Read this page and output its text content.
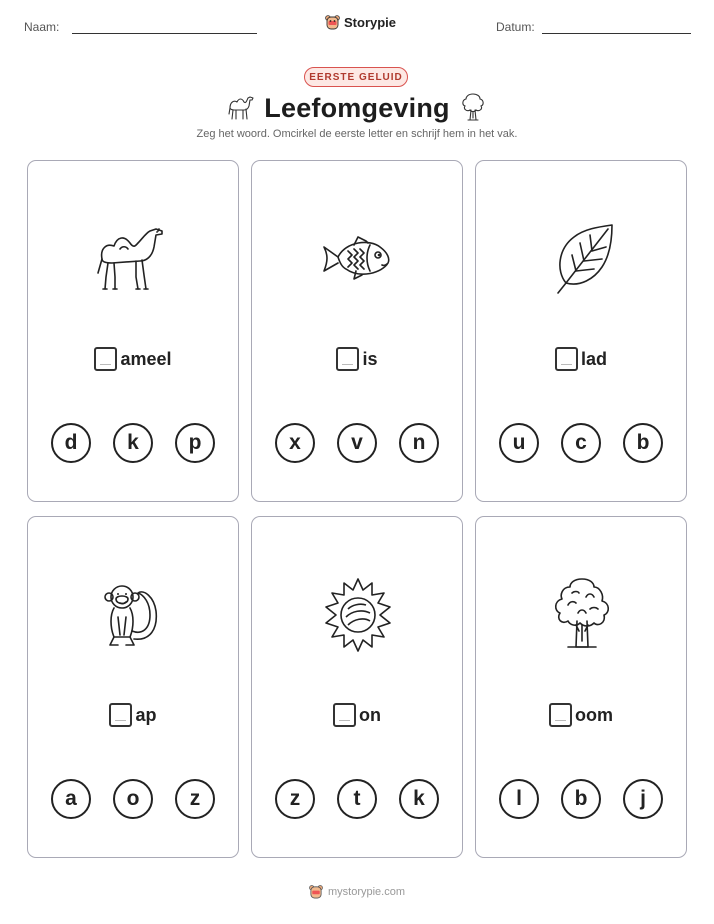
Naam:	Storypie	Datum:
EERSTE GELUID
Leefomgeving
Zeg het woord. Omcirkel de eerste letter en schrijf hem in het vak.
ameel
d	k	p
is
x	v	n
lad
u	c	b
ap
a	o	z
on
z	t	k
oom
l	b	j
mystorypie.com
